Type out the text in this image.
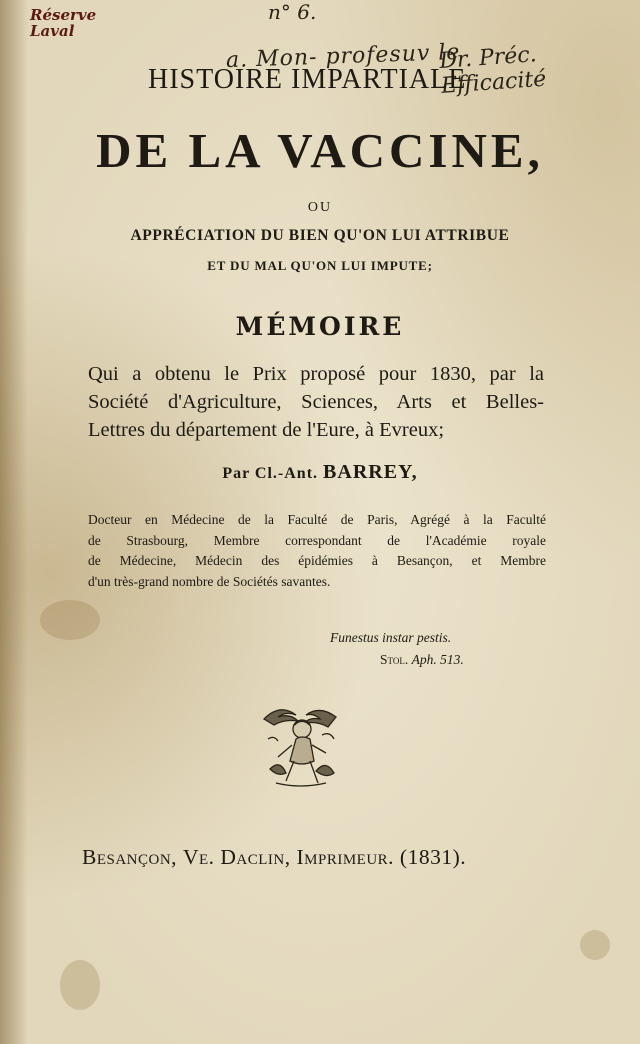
Réserve
Laval
n° 6.
a. Mon- profesuv le
Dr. Préc. Efficacité
HISTOIRE IMPARTIALE
DE LA VACCINE,
OU
APPRÉCIATION DU BIEN QU'ON LUI ATTRIBUE
ET DU MAL QU'ON LUI IMPUTE;
MÉMOIRE
Qui a obtenu le Prix proposé pour 1830, par la
Société d'Agriculture, Sciences, Arts et Belles-
Lettres du département de l'Eure, à Evreux;
Par Cl.-Ant. BARREY,
Docteur en Médecine de la Faculté de Paris, Agrégé à la Faculté
de Strasbourg, Membre correspondant de l'Académie royale
de Médecine, Médecin des épidémies à Besançon, et Membre
d'un très-grand nombre de Sociétés savantes.
Funestus instar pestis.
Stol. Aph. 513.
Besançon, Ve. Daclin, Imprimeur. (1831).
